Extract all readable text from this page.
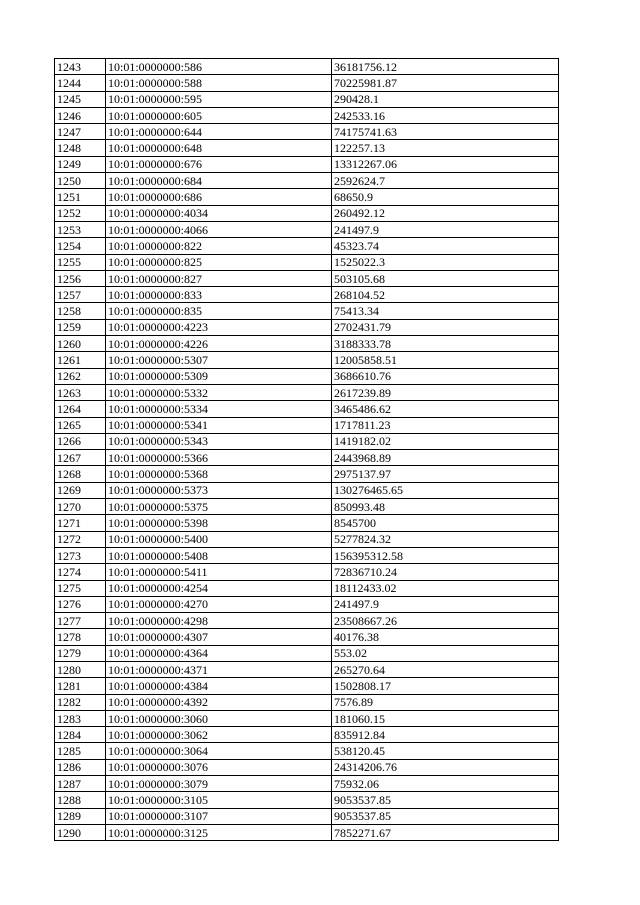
1243	10:01:0000000:586	36181756.12
1244	10:01:0000000:588	70225981.87
1245	10:01:0000000:595	290428.1
1246	10:01:0000000:605	242533.16
1247	10:01:0000000:644	74175741.63
1248	10:01:0000000:648	122257.13
1249	10:01:0000000:676	13312267.06
1250	10:01:0000000:684	2592624.7
1251	10:01:0000000:686	68650.9
1252	10:01:0000000:4034	260492.12
1253	10:01:0000000:4066	241497.9
1254	10:01:0000000:822	45323.74
1255	10:01:0000000:825	1525022.3
1256	10:01:0000000:827	503105.68
1257	10:01:0000000:833	268104.52
1258	10:01:0000000:835	75413.34
1259	10:01:0000000:4223	2702431.79
1260	10:01:0000000:4226	3188333.78
1261	10:01:0000000:5307	12005858.51
1262	10:01:0000000:5309	3686610.76
1263	10:01:0000000:5332	2617239.89
1264	10:01:0000000:5334	3465486.62
1265	10:01:0000000:5341	1717811.23
1266	10:01:0000000:5343	1419182.02
1267	10:01:0000000:5366	2443968.89
1268	10:01:0000000:5368	2975137.97
1269	10:01:0000000:5373	130276465.65
1270	10:01:0000000:5375	850993.48
1271	10:01:0000000:5398	8545700
1272	10:01:0000000:5400	5277824.32
1273	10:01:0000000:5408	156395312.58
1274	10:01:0000000:5411	72836710.24
1275	10:01:0000000:4254	18112433.02
1276	10:01:0000000:4270	241497.9
1277	10:01:0000000:4298	23508667.26
1278	10:01:0000000:4307	40176.38
1279	10:01:0000000:4364	553.02
1280	10:01:0000000:4371	265270.64
1281	10:01:0000000:4384	1502808.17
1282	10:01:0000000:4392	7576.89
1283	10:01:0000000:3060	181060.15
1284	10:01:0000000:3062	835912.84
1285	10:01:0000000:3064	538120.45
1286	10:01:0000000:3076	24314206.76
1287	10:01:0000000:3079	75932.06
1288	10:01:0000000:3105	9053537.85
1289	10:01:0000000:3107	9053537.85
1290	10:01:0000000:3125	7852271.67
